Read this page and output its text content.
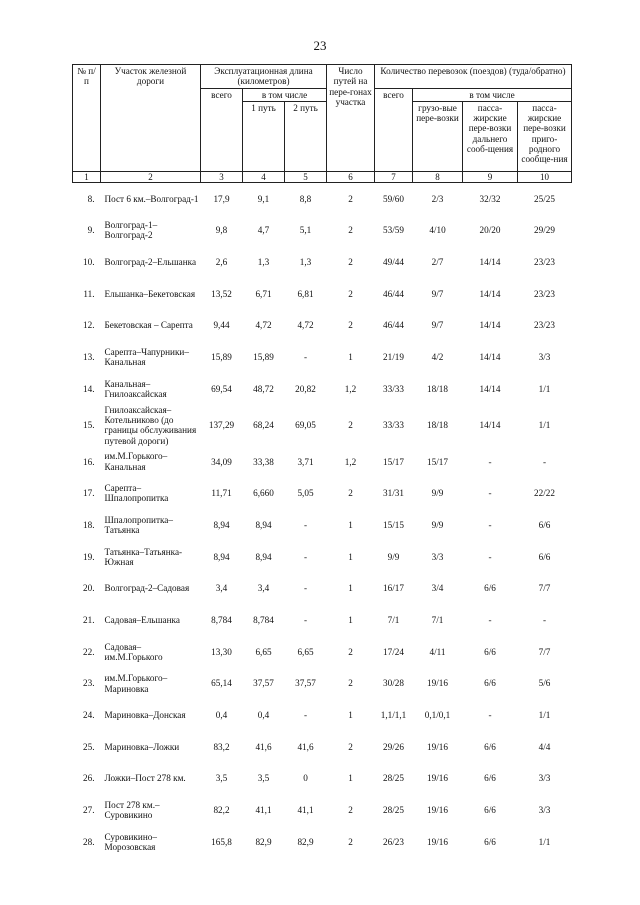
23
№ п/п	Участок железной дороги	Эксплуатационная длина (километров)			Число путей на пере-гонах участка	Количество перевозок (поездов) (туда/обратно)			
		всего	в том числе			всего	в том числе		
			1 путь	2 путь			грузо-вые пере-возки	пасса-жирские пере-возки дальнего сооб-щения	пасса-жирские пере-возки приго-родного сообще-ния
1	2	3	4	5	6	7	8	9	10
8.	Пост 6 км.–Волгоград-1	17,9	9,1	8,8	2	59/60	2/3	32/32	25/25
9.	Волгоград-1–Волгоград-2	9,8	4,7	5,1	2	53/59	4/10	20/20	29/29
10.	Волгоград-2–Ельшанка	2,6	1,3	1,3	2	49/44	2/7	14/14	23/23
11.	Ельшанка–Бекетовская	13,52	6,71	6,81	2	46/44	9/7	14/14	23/23
12.	Бекетовская – Сарепта	9,44	4,72	4,72	2	46/44	9/7	14/14	23/23
13.	Сарепта–Чапурники–Канальная	15,89	15,89	-	1	21/19	4/2	14/14	3/3
14.	Канальная–Гнилоаксайская	69,54	48,72	20,82	1,2	33/33	18/18	14/14	1/1
15.	Гнилоаксайская–Котельниково (до границы обслуживания путевой дороги)	137,29	68,24	69,05	2	33/33	18/18	14/14	1/1
16.	им.М.Горького–Канальная	34,09	33,38	3,71	1,2	15/17	15/17	-	-
17.	Сарепта–Шпалопропитка	11,71	6,660	5,05	2	31/31	9/9	-	22/22
18.	Шпалопропитка–Татьянка	8,94	8,94	-	1	15/15	9/9	-	6/6
19.	Татьянка–Татьянка-Южная	8,94	8,94	-	1	9/9	3/3	-	6/6
20.	Волгоград-2–Садовая	3,4	3,4	-	1	16/17	3/4	6/6	7/7
21.	Садовая–Ельшанка	8,784	8,784	-	1	7/1	7/1	-	-
22.	Садовая–им.М.Горького	13,30	6,65	6,65	2	17/24	4/11	6/6	7/7
23.	им.М.Горького–Мариновка	65,14	37,57	37,57	2	30/28	19/16	6/6	5/6
24.	Мариновка–Донская	0,4	0,4	-	1	1,1/1,1	0,1/0,1	-	1/1
25.	Мариновка–Ложки	83,2	41,6	41,6	2	29/26	19/16	6/6	4/4
26.	Ложки–Пост 278 км.	3,5	3,5	0	1	28/25	19/16	6/6	3/3
27.	Пост 278 км.–Суровикино	82,2	41,1	41,1	2	28/25	19/16	6/6	3/3
28.	Суровикино–Морозовская	165,8	82,9	82,9	2	26/23	19/16	6/6	1/1
